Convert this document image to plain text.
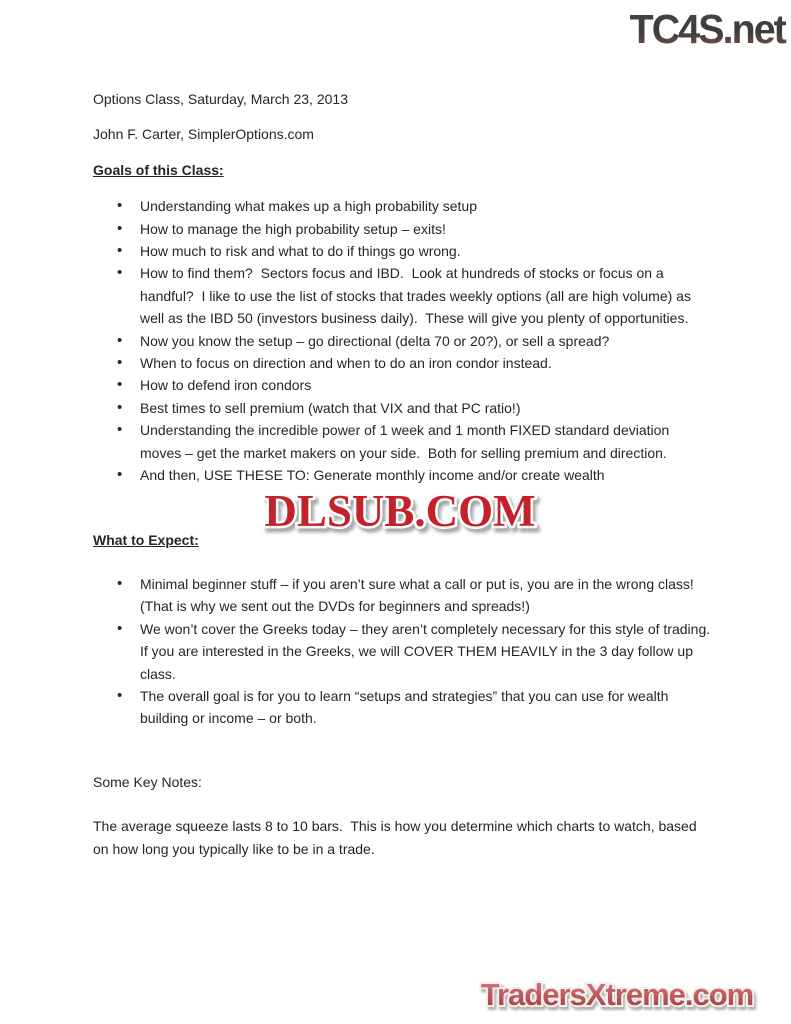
TC4S.net

Options Class, Saturday, March 23, 2013

John F. Carter, SimplerOptions.com

Goals of this Class:

• Understanding what makes up a high probability setup
• How to manage the high probability setup – exits!
• How much to risk and what to do if things go wrong.
• How to find them?  Sectors focus and IBD.  Look at hundreds of stocks or focus on a handful?  I like to use the list of stocks that trades weekly options (all are high volume) as well as the IBD 50 (investors business daily).  These will give you plenty of opportunities.
• Now you know the setup – go directional (delta 70 or 20?), or sell a spread?
• When to focus on direction and when to do an iron condor instead.
• How to defend iron condors
• Best times to sell premium (watch that VIX and that PC ratio!)
• Understanding the incredible power of 1 week and 1 month FIXED standard deviation moves – get the market makers on your side.  Both for selling premium and direction.
• And then, USE THESE TO: Generate monthly income and/or create wealth

What to Expect:

• Minimal beginner stuff – if you aren’t sure what a call or put is, you are in the wrong class!  (That is why we sent out the DVDs for beginners and spreads!)
• We won’t cover the Greeks today – they aren’t completely necessary for this style of trading.  If you are interested in the Greeks, we will COVER THEM HEAVILY in the 3 day follow up class.
• The overall goal is for you to learn “setups and strategies” that you can use for wealth building or income – or both.

Some Key Notes:

The average squeeze lasts 8 to 10 bars.  This is how you determine which charts to watch, based on how long you typically like to be in a trade.

DLSUB.COM
TradersXtreme.com
